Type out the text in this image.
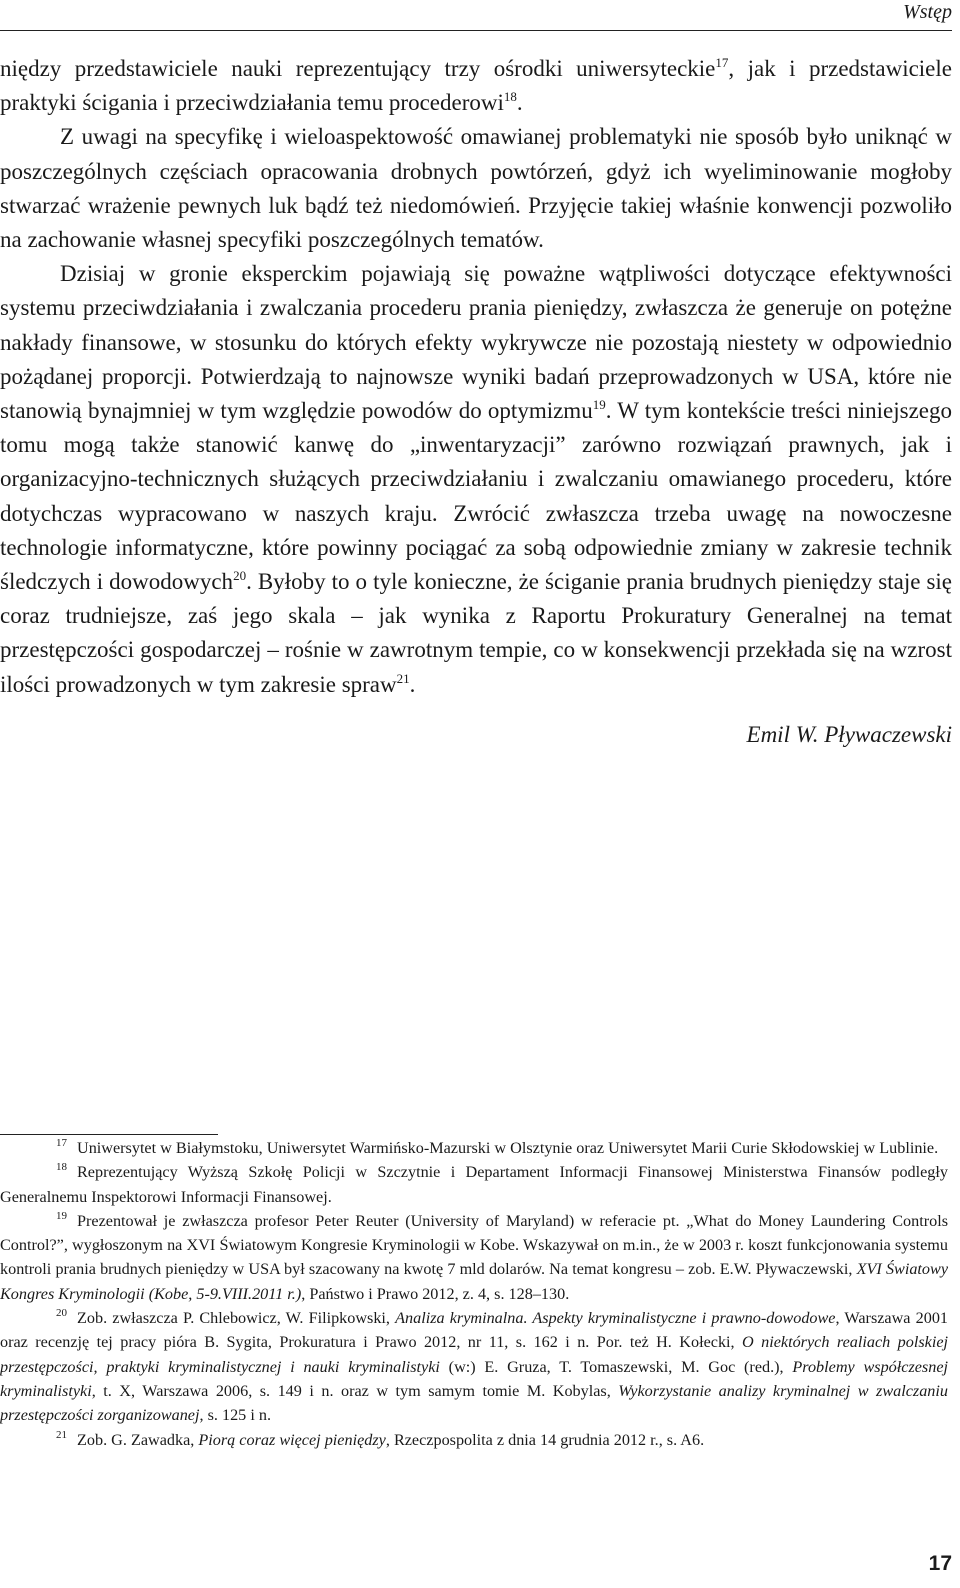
Wstęp

niędzy przedstawiciele nauki reprezentujący trzy ośrodki uniwersyteckie$^{17}$, jak i przedstawiciele praktyki ścigania i przeciwdziałania temu procederowi$^{18}$.

Z uwagi na specyfikę i wieloaspektowość omawianej problematyki nie sposób było uniknąć w poszczególnych częściach opracowania drobnych powtórzeń, gdyż ich wyeliminowanie mogłoby stwarzać wrażenie pewnych luk bądź też niedomówień. Przyjęcie takiej właśnie konwencji pozwoliło na zachowanie własnej specyfiki poszczególnych tematów.

Dzisiaj w gronie eksperckim pojawiają się poważne wątpliwości dotyczące efektywności systemu przeciwdziałania i zwalczania procederu prania pieniędzy, zwłaszcza że generuje on potężne nakłady finansowe, w stosunku do których efekty wykrywcze nie pozostają niestety w odpowiednio pożądanej proporcji. Potwierdzają to najnowsze wyniki badań przeprowadzonych w USA, które nie stanowią bynajmniej w tym względzie powodów do optymizmu$^{19}$. W tym kontekście treści niniejszego tomu mogą także stanowić kanwę do „inwentaryzacji” zarówno rozwiązań prawnych, jak i organizacyjno-technicznych służących przeciwdziałaniu i zwalczaniu omawianego procederu, które dotychczas wypracowano w naszych kraju. Zwrócić zwłaszcza trzeba uwagę na nowoczesne technologie informatyczne, które powinny pociągać za sobą odpowiednie zmiany w zakresie technik śledczych i dowodowych$^{20}$. Byłoby to o tyle konieczne, że ściganie prania brudnych pieniędzy staje się coraz trudniejsze, zaś jego skala – jak wynika z Raportu Prokuratury Generalnej na temat przestępczości gospodarczej – rośnie w zawrotnym tempie, co w konsekwencji przekłada się na wzrost ilości prowadzonych w tym zakresie spraw$^{21}$.

Emil W. Pływaczewski

$^{17}$ Uniwersytet w Białymstoku, Uniwersytet Warmińsko-Mazurski w Olsztynie oraz Uniwersytet Marii Curie Skłodowskiej w Lublinie.

$^{18}$ Reprezentujący Wyższą Szkołę Policji w Szczytnie i Departament Informacji Finansowej Ministerstwa Finansów podległy Generalnemu Inspektorowi Informacji Finansowej.

$^{19}$ Prezentował je zwłaszcza profesor Peter Reuter (University of Maryland) w referacie pt. „What do Money Laundering Controls Control?”, wygłoszonym na XVI Światowym Kongresie Kryminologii w Kobe. Wskazywał on m.in., że w 2003 r. koszt funkcjonowania systemu kontroli prania brudnych pieniędzy w USA był szacowany na kwotę 7 mld dolarów. Na temat kongresu – zob. E.W. Pływaczewski, XVI Światowy Kongres Kryminologii (Kobe, 5-9.VIII.2011 r.), Państwo i Prawo 2012, z. 4, s. 128–130.

$^{20}$ Zob. zwłaszcza P. Chlebowicz, W. Filipkowski, Analiza kryminalna. Aspekty kryminalistyczne i prawno-dowodowe, Warszawa 2001 oraz recenzję tej pracy pióra B. Sygita, Prokuratura i Prawo 2012, nr 11, s. 162 i n. Por. też H. Kołecki, O niektórych realiach polskiej przestępczości, praktyki kryminalistycznej i nauki kryminalistyki (w:) E. Gruza, T. Tomaszewski, M. Goc (red.), Problemy współczesnej kryminalistyki, t. X, Warszawa 2006, s. 149 i n. oraz w tym samym tomie M. Kobylas, Wykorzystanie analizy kryminalnej w zwalczaniu przestępczości zorganizowanej, s. 125 i n.

$^{21}$ Zob. G. Zawadka, Piorą coraz więcej pieniędzy, Rzeczpospolita z dnia 14 grudnia 2012 r., s. A6.

17
